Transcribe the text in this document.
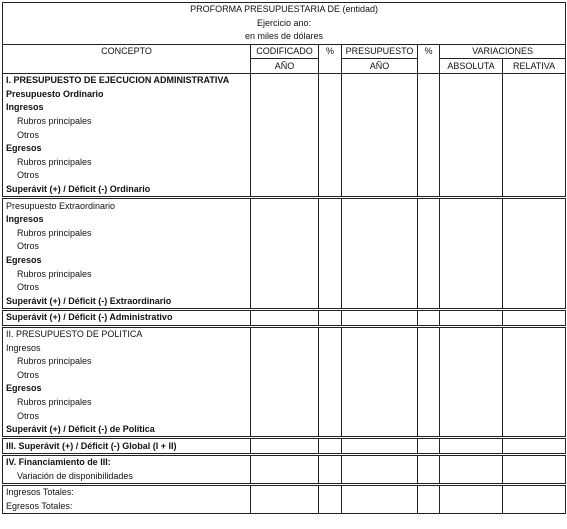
PROFORMA PRESUPUESTARIA DE (entidad)						
Ejercicio ano:						
en miles de dólares						
CONCEPTO	CODIFICADO	%	PRESUPUESTO	%	VARIACIONES	
	AÑO		AÑO		ABSOLUTA	RELATIVA
I. PRESUPUESTO DE EJECUCION ADMINISTRATIVA						
Presupuesto Ordinario						
Ingresos						
Rubros principales						
Otros						
Egresos						
Rubros principales						
Otros						
Superávit (+) / Déficit (-) Ordinario						
Presupuesto Extraordinario						
Ingresos						
Rubros principales						
Otros						
Egresos						
Rubros principales						
Otros						
Superávit (+) / Déficit (-) Extraordinario						
Superávit (+) / Déficit (-) Administrativo						
II. PRESUPUESTO DE POLITICA						
Ingresos						
Rubros principales						
Otros						
Egresos						
Rubros principales						
Otros						
Superávit (+) / Déficit (-) de Política						
III. Superávit (+) / Déficit (-) Global (I + II)						
IV. Financiamiento de III:						
Variación de disponibilidades						
Ingresos Totales:						
Egresos Totales:						
